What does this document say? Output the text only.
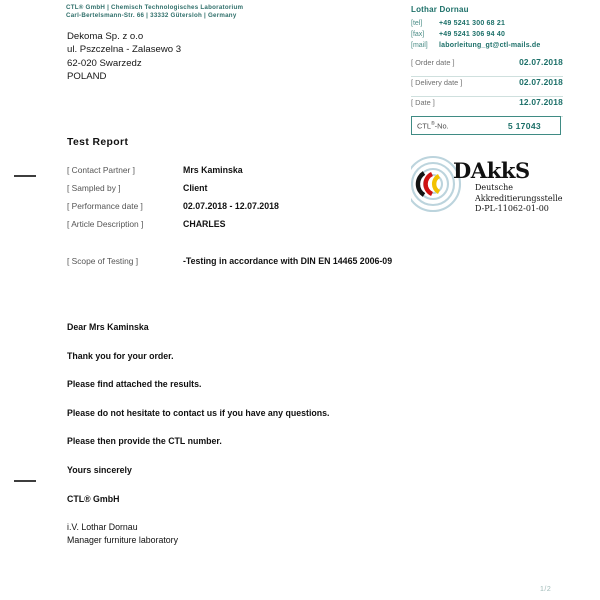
CTL® GmbH | Chemisch Technologisches Laboratorium
Carl-Bertelsmann-Str. 66 | 33332 Gütersloh | Germany
Dekoma Sp. z o.o
ul. Pszczelna - Zalasewo 3
62-020 Swarzedz
POLAND
Lothar Dornau
[tel]	+49 5241 300 68 21
[fax]	+49 5241 306 94 40
[mail]	laborleitung_gt@ctl-mails.de
[ Order date ]	02.07.2018
[ Delivery date ]	02.07.2018
[ Date ]	12.07.2018
CTL®-No.	5 17043
DAkkS
Deutsche
Akkreditierungsstelle
D-PL-11062-01-00
Test Report
[ Contact Partner ]	Mrs Kaminska
[ Sampled by ]	Client
[ Performance date ]	02.07.2018 - 12.07.2018
[ Article Description ]	CHARLES
[ Scope of Testing ]	-Testing in accordance with DIN EN 14465 2006-09

Dear Mrs Kaminska

Thank you for your order.

Please find attached the results.

Please do not hesitate to contact us if you have any questions.

Please then provide the CTL number.

Yours sincerely

CTL® GmbH

i.V. Lothar Dornau
Manager furniture laboratory
1/2
